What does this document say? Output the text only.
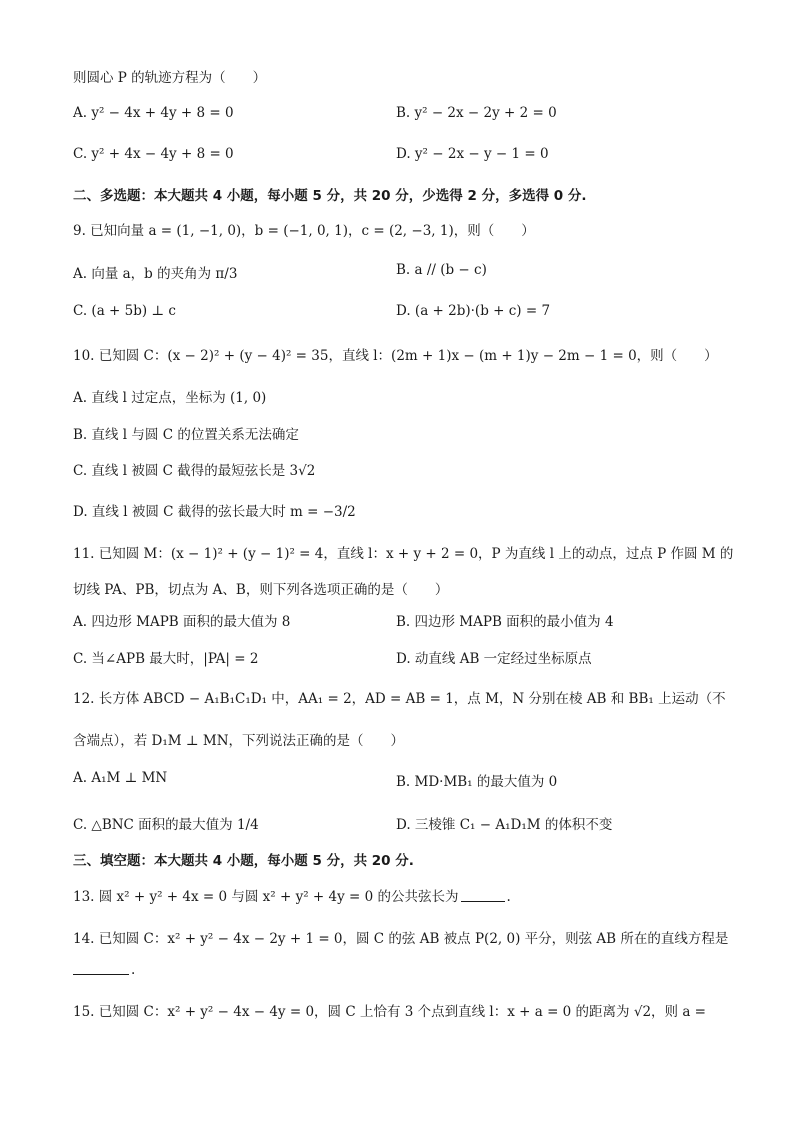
则圆心 P 的轨迹方程为（　　）
A. y² − 4x + 4y + 8 = 0	B. y² − 2x − 2y + 2 = 0
C. y² + 4x − 4y + 8 = 0	D. y² − 2x − y − 1 = 0
二、多选题：本大题共 4 小题，每小题 5 分，共 20 分，少选得 2 分，多选得 0 分.
9. 已知向量 a = (1, −1, 0)，b = (−1, 0, 1)，c = (2, −3, 1)，则（　　）
A. 向量 a，b 的夹角为 π/3	B. a // (b − c)
C. (a + 5b) ⊥ c	D. (a + 2b)·(b + c) = 7
10. 已知圆 C：(x − 2)² + (y − 4)² = 35，直线 l：(2m + 1)x − (m + 1)y − 2m − 1 = 0，则（　　）
A. 直线 l 过定点，坐标为 (1, 0)
B. 直线 l 与圆 C 的位置关系无法确定
C. 直线 l 被圆 C 截得的最短弦长是 3√2
D. 直线 l 被圆 C 截得的弦长最大时 m = −3/2
11. 已知圆 M：(x − 1)² + (y − 1)² = 4，直线 l：x + y + 2 = 0，P 为直线 l 上的动点，过点 P 作圆 M 的
切线 PA、PB，切点为 A、B，则下列各选项正确的是（　　）
A. 四边形 MAPB 面积的最大值为 8	B. 四边形 MAPB 面积的最小值为 4
C. 当∠APB 最大时，|PA| = 2	D. 动直线 AB 一定经过坐标原点
12. 长方体 ABCD − A₁B₁C₁D₁ 中，AA₁ = 2，AD = AB = 1，点 M，N 分别在棱 AB 和 BB₁ 上运动（不
含端点），若 D₁M ⊥ MN，下列说法正确的是（　　）
A. A₁M ⊥ MN	B. MD·MB₁ 的最大值为 0
C. △BNC 面积的最大值为 1/4	D. 三棱锥 C₁ − A₁D₁M 的体积不变
三、填空题：本大题共 4 小题，每小题 5 分，共 20 分.
13. 圆 x² + y² + 4x = 0 与圆 x² + y² + 4y = 0 的公共弦长为	.
14. 已知圆 C：x² + y² − 4x − 2y + 1 = 0，圆 C 的弦 AB 被点 P(2, 0) 平分，则弦 AB 所在的直线方程是
.
15. 已知圆 C：x² + y² − 4x − 4y = 0，圆 C 上恰有 3 个点到直线 l：x + a = 0 的距离为 √2，则 a =
